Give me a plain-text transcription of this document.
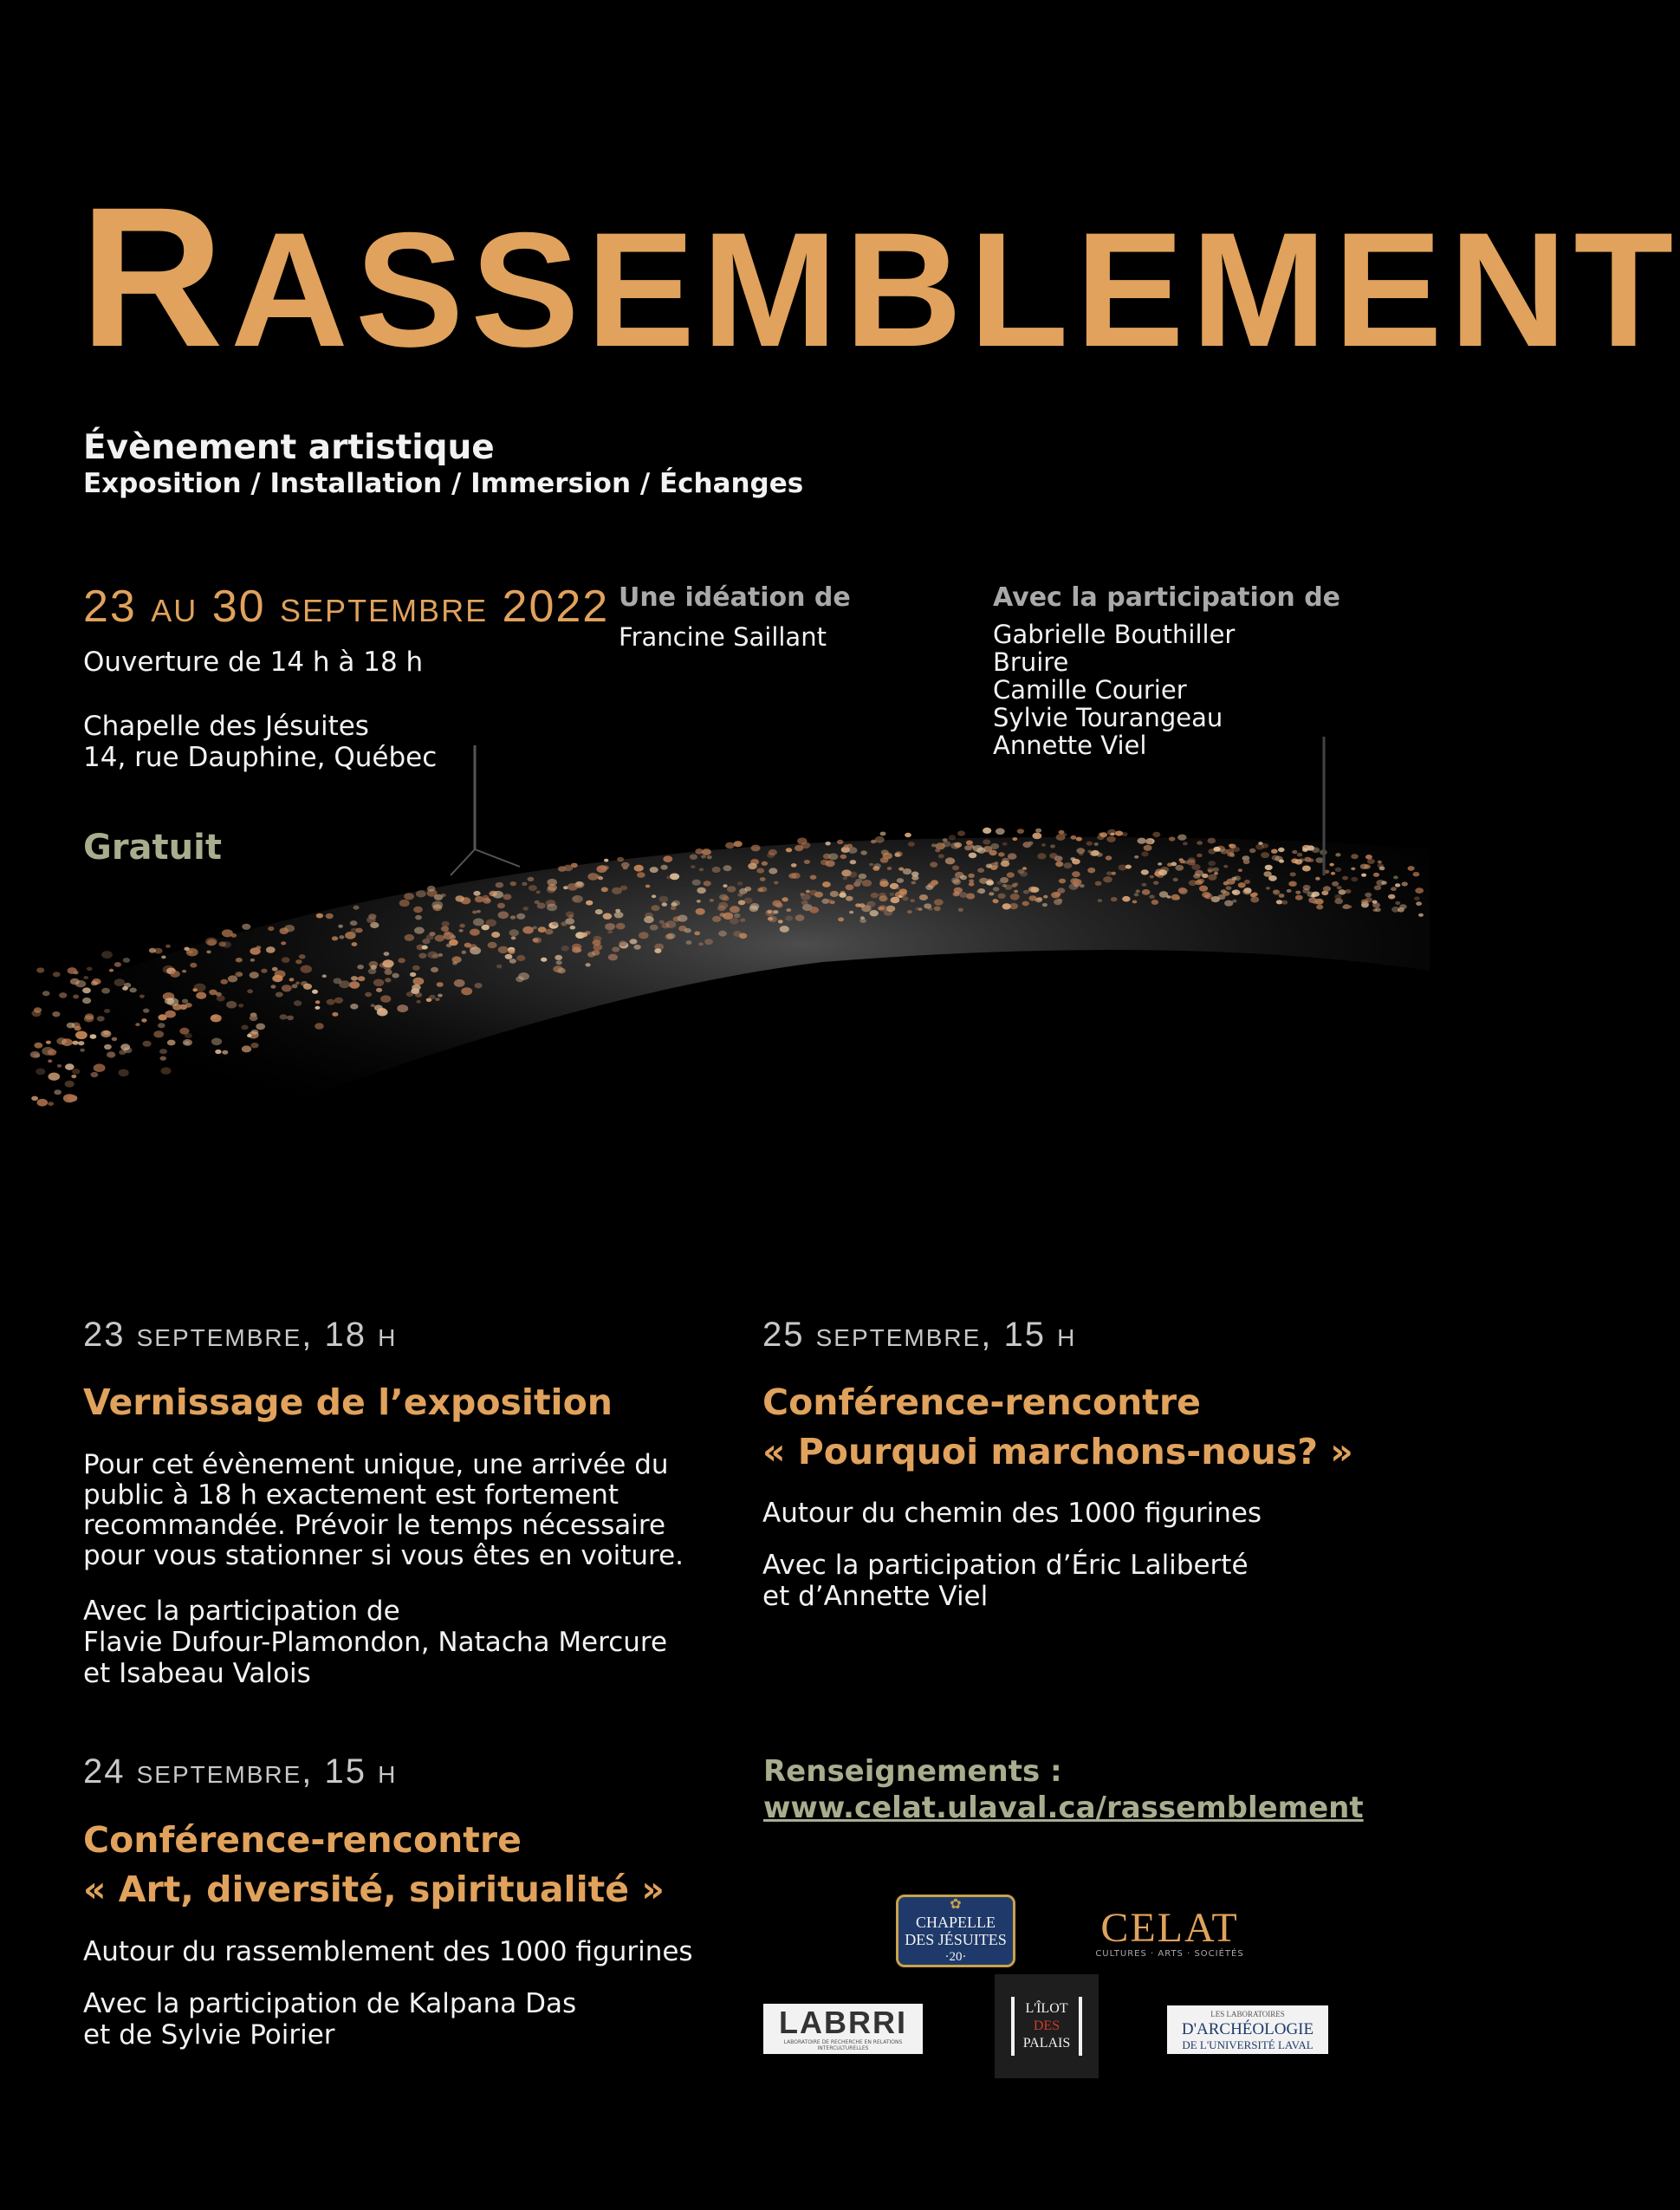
RASSEMBLEMENT
Évènement artistique
Exposition / Installation / Immersion / Échanges
23 au 30 septembre 2022
Ouverture de 14 h à 18 h
Chapelle des Jésuites
14, rue Dauphine, Québec
Gratuit
Une idéation de
Francine Saillant
Avec la participation de
Gabrielle Bouthiller
Bruire
Camille Courier
Sylvie Tourangeau
Annette Viel
23 septembre, 18 h
Vernissage de l’exposition
Pour cet évènement unique, une arrivée du
public à 18 h exactement est fortement
recommandée. Prévoir le temps nécessaire
pour vous stationner si vous êtes en voiture.
Avec la participation de
Flavie Dufour-Plamondon, Natacha Mercure
et Isabeau Valois
25 septembre, 15 h
Conférence-rencontre
« Pourquoi marchons-nous? »
Autour du chemin des 1000 figurines
Avec la participation d’Éric Laliberté
et d’Annette Viel
24 septembre, 15 h
Conférence-rencontre
« Art, diversité, spiritualité »
Autour du rassemblement des 1000 figurines
Avec la participation de Kalpana Das
et de Sylvie Poirier
Renseignements :
www.celat.ulaval.ca/rassemblement
✿
CHAPELLE
DES JÉSUITES
·20·
CELAT
CULTURES · ARTS · SOCIÉTÉS
LABRRI
LABORATOIRE DE RECHERCHE EN RELATIONS INTERCULTURELLES
L'ÎLOT
DES
PALAIS
LES LABORATOIRES
D'ARCHÉOLOGIE
DE L'UNIVERSITÉ LAVAL
